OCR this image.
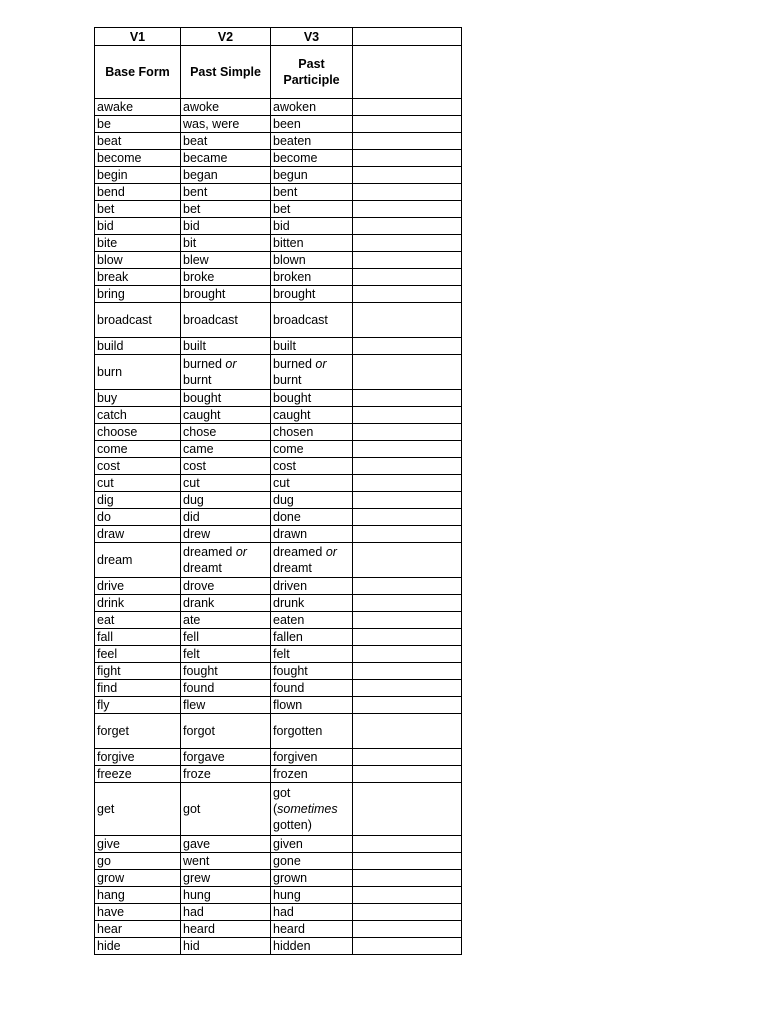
V1	V2	V3	
Base Form	Past Simple	Past Participle	
awake	awoke	awoken	
be	was, were	been	
beat	beat	beaten	
become	became	become	
begin	began	begun	
bend	bent	bent	
bet	bet	bet	
bid	bid	bid	
bite	bit	bitten	
blow	blew	blown	
break	broke	broken	
bring	brought	brought	
broadcast	broadcast	broadcast	
build	built	built	
burn	burned or burnt	burned or burnt	
buy	bought	bought	
catch	caught	caught	
choose	chose	chosen	
come	came	come	
cost	cost	cost	
cut	cut	cut	
dig	dug	dug	
do	did	done	
draw	drew	drawn	
dream	dreamed or dreamt	dreamed or dreamt	
drive	drove	driven	
drink	drank	drunk	
eat	ate	eaten	
fall	fell	fallen	
feel	felt	felt	
fight	fought	fought	
find	found	found	
fly	flew	flown	
forget	forgot	forgotten	
forgive	forgave	forgiven	
freeze	froze	frozen	
get	got	got (sometimes gotten)	
give	gave	given	
go	went	gone	
grow	grew	grown	
hang	hung	hung	
have	had	had	
hear	heard	heard	
hide	hid	hidden	
